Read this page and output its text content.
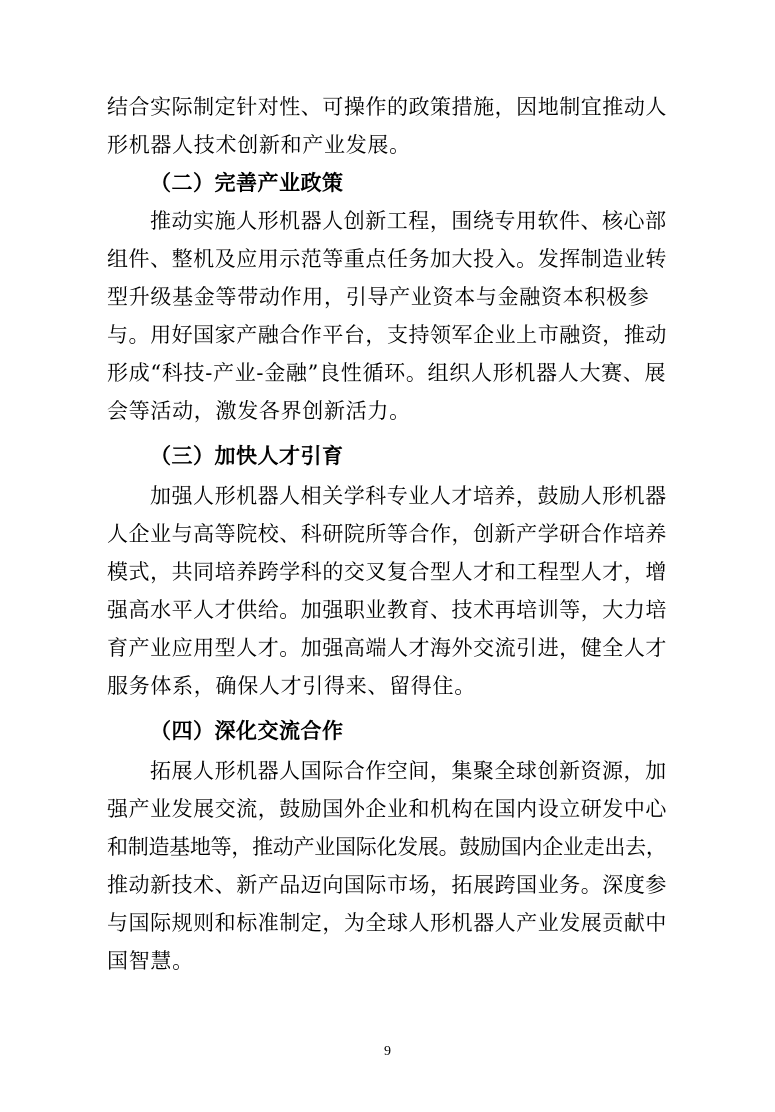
结合实际制定针对性、可操作的政策措施，因地制宜推动人
形机器人技术创新和产业发展。
（二）完善产业政策
推动实施人形机器人创新工程，围绕专用软件、核心部
组件、整机及应用示范等重点任务加大投入。发挥制造业转
型升级基金等带动作用，引导产业资本与金融资本积极参
与。用好国家产融合作平台，支持领军企业上市融资，推动
形成“科技-产业-金融”良性循环。组织人形机器人大赛、展
会等活动，激发各界创新活力。
（三）加快人才引育
加强人形机器人相关学科专业人才培养，鼓励人形机器
人企业与高等院校、科研院所等合作，创新产学研合作培养
模式，共同培养跨学科的交叉复合型人才和工程型人才，增
强高水平人才供给。加强职业教育、技术再培训等，大力培
育产业应用型人才。加强高端人才海外交流引进，健全人才
服务体系，确保人才引得来、留得住。
（四）深化交流合作
拓展人形机器人国际合作空间，集聚全球创新资源，加
强产业发展交流，鼓励国外企业和机构在国内设立研发中心
和制造基地等，推动产业国际化发展。鼓励国内企业走出去，
推动新技术、新产品迈向国际市场，拓展跨国业务。深度参
与国际规则和标准制定，为全球人形机器人产业发展贡献中
国智慧。
9
